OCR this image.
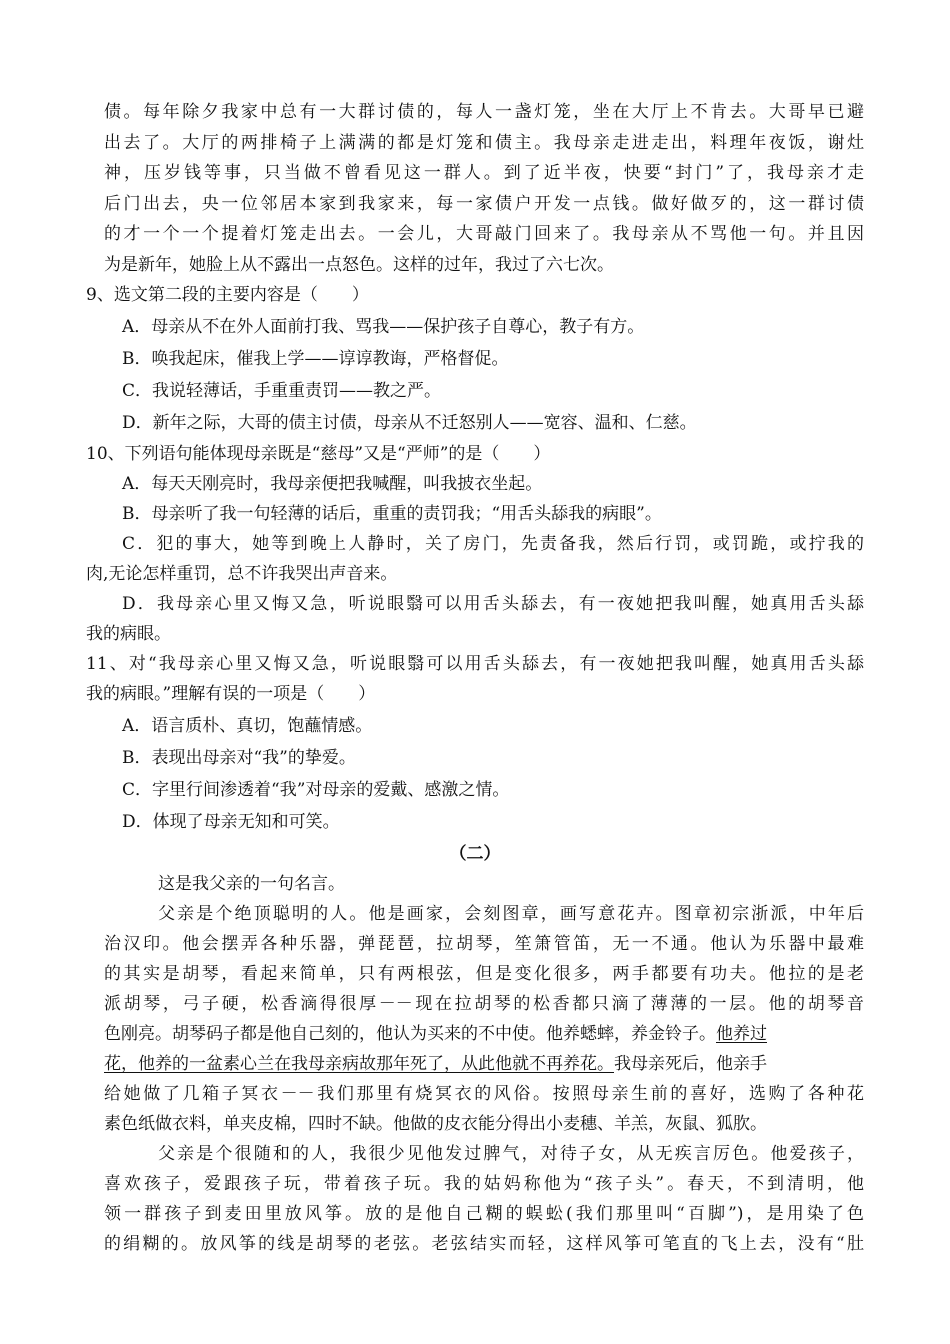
债。每年除夕我家中总有一大群讨债的，每人一盏灯笼，坐在大厅上不肯去。大哥早已避
出去了。大厅的两排椅子上满满的都是灯笼和债主。我母亲走进走出，料理年夜饭，谢灶
神，压岁钱等事，只当做不曾看见这一群人。到了近半夜，快要“封门”了，我母亲才走
后门出去，央一位邻居本家到我家来，每一家债户开发一点钱。做好做歹的，这一群讨债
的才一个一个提着灯笼走出去。一会儿，大哥敲门回来了。我母亲从不骂他一句。并且因
为是新年，她脸上从不露出一点怒色。这样的过年，我过了六七次。
9、选文第二段的主要内容是（　　）
A．母亲从不在外人面前打我、骂我——保护孩子自尊心，教子有方。
B．唤我起床，催我上学——谆谆教诲，严格督促。
C．我说轻薄话，手重重责罚——教之严。
D．新年之际，大哥的债主讨债，母亲从不迁怒别人——宽容、温和、仁慈。
10、下列语句能体现母亲既是“慈母”又是“严师”的是（　　）
A．每天天刚亮时，我母亲便把我喊醒，叫我披衣坐起。
B．母亲听了我一句轻薄的话后，重重的责罚我；“用舌头舔我的病眼”。
C．犯的事大，她等到晚上人静时，关了房门，先责备我，然后行罚，或罚跪，或拧我的
肉,无论怎样重罚，总不许我哭出声音来。
D．我母亲心里又悔又急，听说眼翳可以用舌头舔去，有一夜她把我叫醒，她真用舌头舔
我的病眼。
11、对“我母亲心里又悔又急，听说眼翳可以用舌头舔去，有一夜她把我叫醒，她真用舌头舔
我的病眼。”理解有误的一项是（　　）
A．语言质朴、真切，饱蘸情感。
B．表现出母亲对“我”的挚爱。
C．字里行间渗透着“我”对母亲的爱戴、感激之情。
D．体现了母亲无知和可笑。
（二）
这是我父亲的一句名言。
父亲是个绝顶聪明的人。他是画家，会刻图章，画写意花卉。图章初宗浙派，中年后
治汉印。他会摆弄各种乐器，弹琵琶，拉胡琴，笙箫管笛，无一不通。他认为乐器中最难
的其实是胡琴，看起来简单，只有两根弦，但是变化很多，两手都要有功夫。他拉的是老
派胡琴，弓子硬，松香滴得很厚－－现在拉胡琴的松香都只滴了薄薄的一层。他的胡琴音
色刚亮。胡琴码子都是他自己刻的，他认为买来的不中使。他养蟋蟀，养金铃子。他养过
花，他养的一盆素心兰在我母亲病故那年死了，从此他就不再养花。我母亲死后，他亲手
给她做了几箱子冥衣－－我们那里有烧冥衣的风俗。按照母亲生前的喜好，选购了各种花
素色纸做衣料，单夹皮棉，四时不缺。他做的皮衣能分得出小麦穗、羊羔，灰鼠、狐肷。
父亲是个很随和的人，我很少见他发过脾气，对待子女，从无疾言厉色。他爱孩子，
喜欢孩子，爱跟孩子玩，带着孩子玩。我的姑妈称他为“孩子头”。春天，不到清明，他
领一群孩子到麦田里放风筝。放的是他自己糊的蜈蚣(我们那里叫“百脚”)，是用染了色
的绢糊的。放风筝的线是胡琴的老弦。老弦结实而轻，这样风筝可笔直的飞上去，没有“肚
